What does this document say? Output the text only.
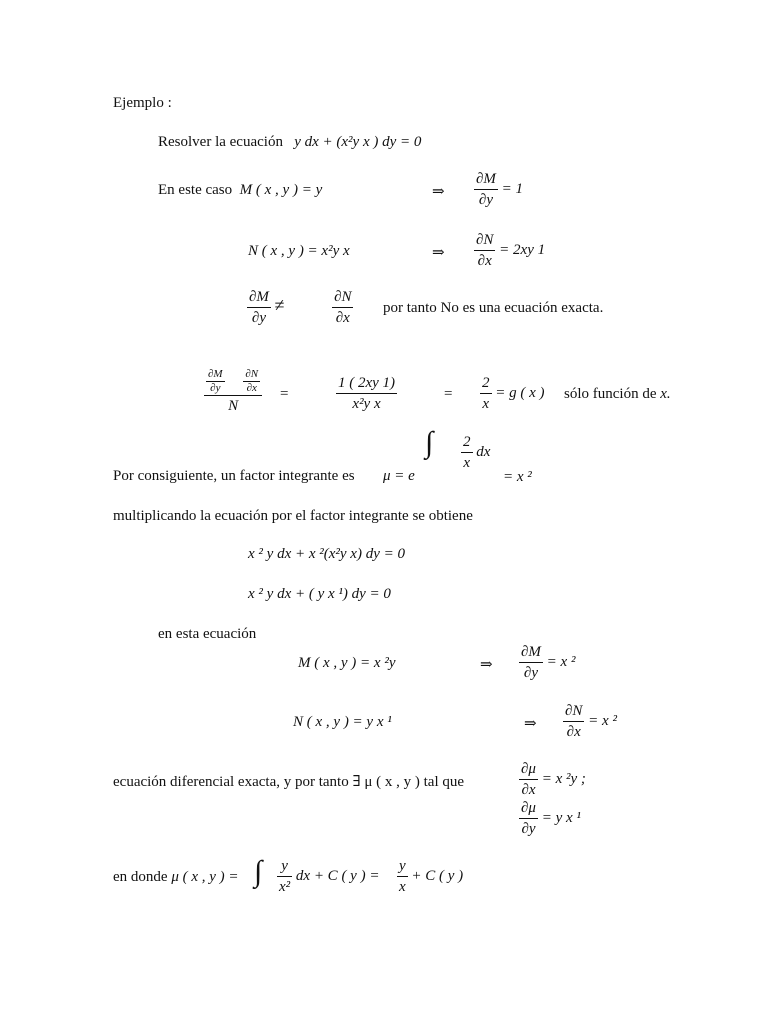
Ejemplo :
Resolver la ecuación y dx + (x²y x ) dy = 0
En este caso M ( x , y ) = y	⇒ $\frac{\partial M}{\partial y} = 1$
N ( x , y ) = x²y x	⇒ $\frac{\partial N}{\partial x} = 2xy$ 1
$\frac{\partial M}{\partial y}$ ≠	$\frac{\partial N}{\partial x}$ por tanto No es una ecuación exacta.
$\frac{\partial M}{\partial y}$
$\frac{\partial N}{\partial x}$
N =	$\frac{1 ( 2xy 1)}{\text{x²y x}}$	= $\frac{2}{x} = g$ ( x ) sólo función de x.
Por consiguiente, un factor integrante es μ = e
∫ $\frac{2}{x}$ dx
= x ²
multiplicando la ecuación por el factor integrante se obtiene
x ² y dx + x ²(x²y x) dy = 0
x ² y dx + ( y x ¹) dy = 0
en esta ecuación
M ( x , y ) = x ²y	⇒ $\frac{\partial M}{\partial y} = x$ ²
N ( x , y ) = y x ¹	⇒ $\frac{\partial N}{\partial x} = x$ ²
ecuación diferencial exacta, y por tanto ∃ μ ( x , y ) tal que	$\frac{\partial\mu}{\partial x} = x$ ²y ;
$\frac{\partial\mu}{\partial y} = y$ x ¹
en donde μ ( x , y ) = ∫ $\frac{y}{\text{x²}}$ dx + C ( y ) = $\frac{y}{x} + C$ ( y )
